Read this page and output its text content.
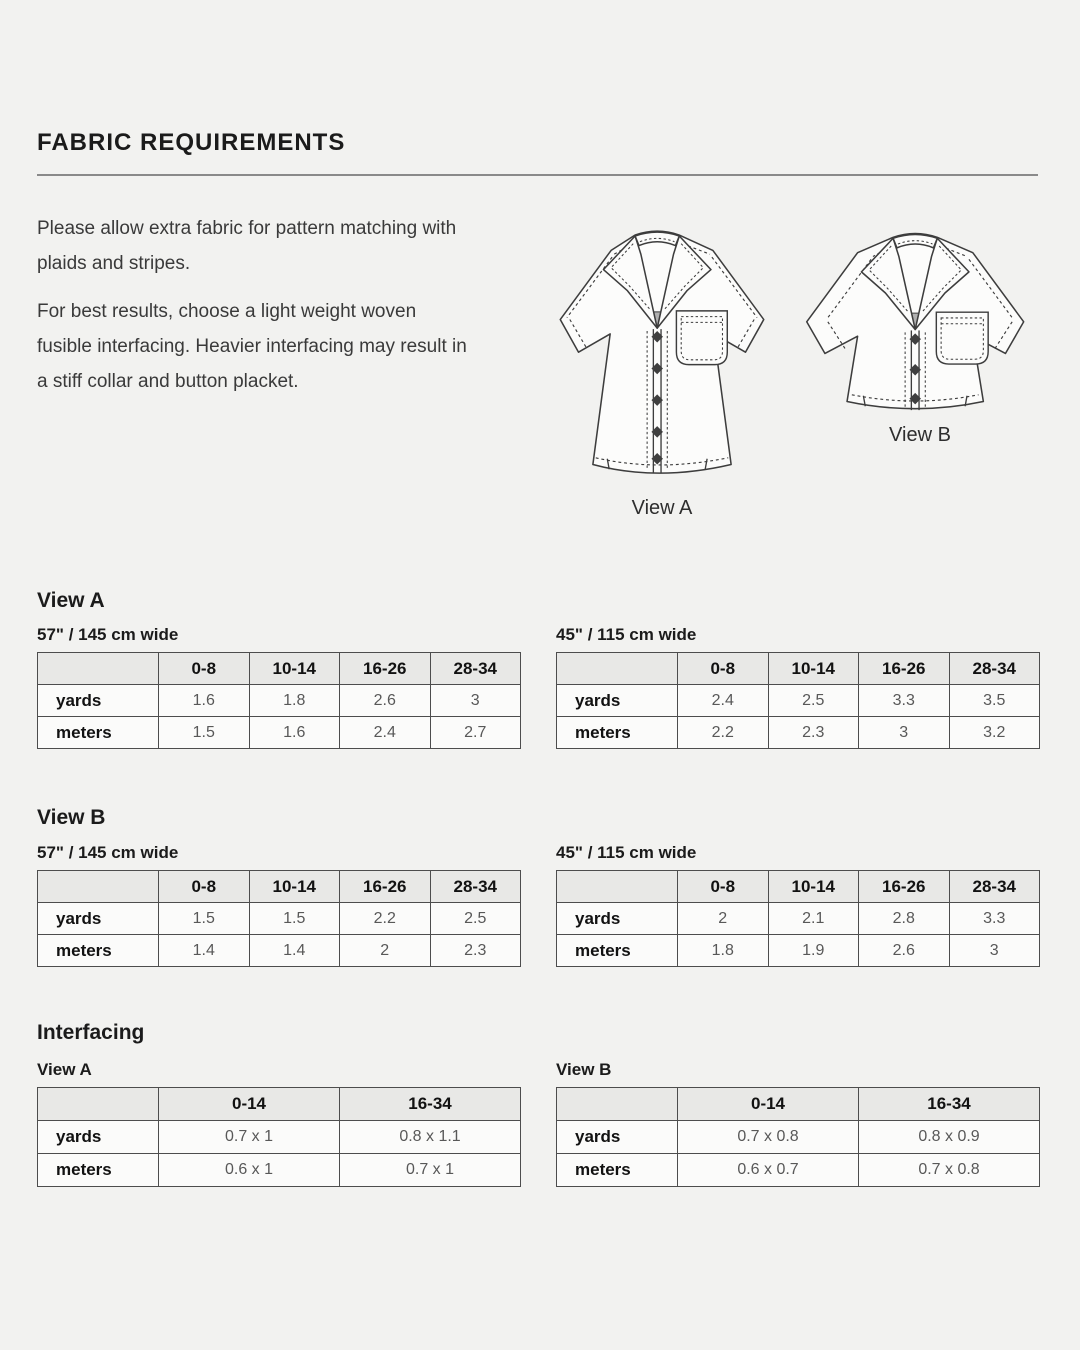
FABRIC REQUIREMENTS
Please allow extra fabric for pattern matching with
plaids and stripes.
For best results, choose a light weight woven
fusible interfacing. Heavier interfacing may result in
a stiff collar and button placket.
View A
View B
View A
57" / 145 cm wide
	0-8	10-14	16-26	28-34
yards	1.6	1.8	2.6	3
meters	1.5	1.6	2.4	2.7
45" / 115 cm wide
	0-8	10-14	16-26	28-34
yards	2.4	2.5	3.3	3.5
meters	2.2	2.3	3	3.2
View B
57" / 145 cm wide
	0-8	10-14	16-26	28-34
yards	1.5	1.5	2.2	2.5
meters	1.4	1.4	2	2.3
45" / 115 cm wide
	0-8	10-14	16-26	28-34
yards	2	2.1	2.8	3.3
meters	1.8	1.9	2.6	3
Interfacing
View A
	0-14	16-34
yards	0.7 x 1	0.8 x 1.1
meters	0.6 x 1	0.7 x 1
View B
	0-14	16-34
yards	0.7 x 0.8	0.8 x 0.9
meters	0.6 x 0.7	0.7 x 0.8
